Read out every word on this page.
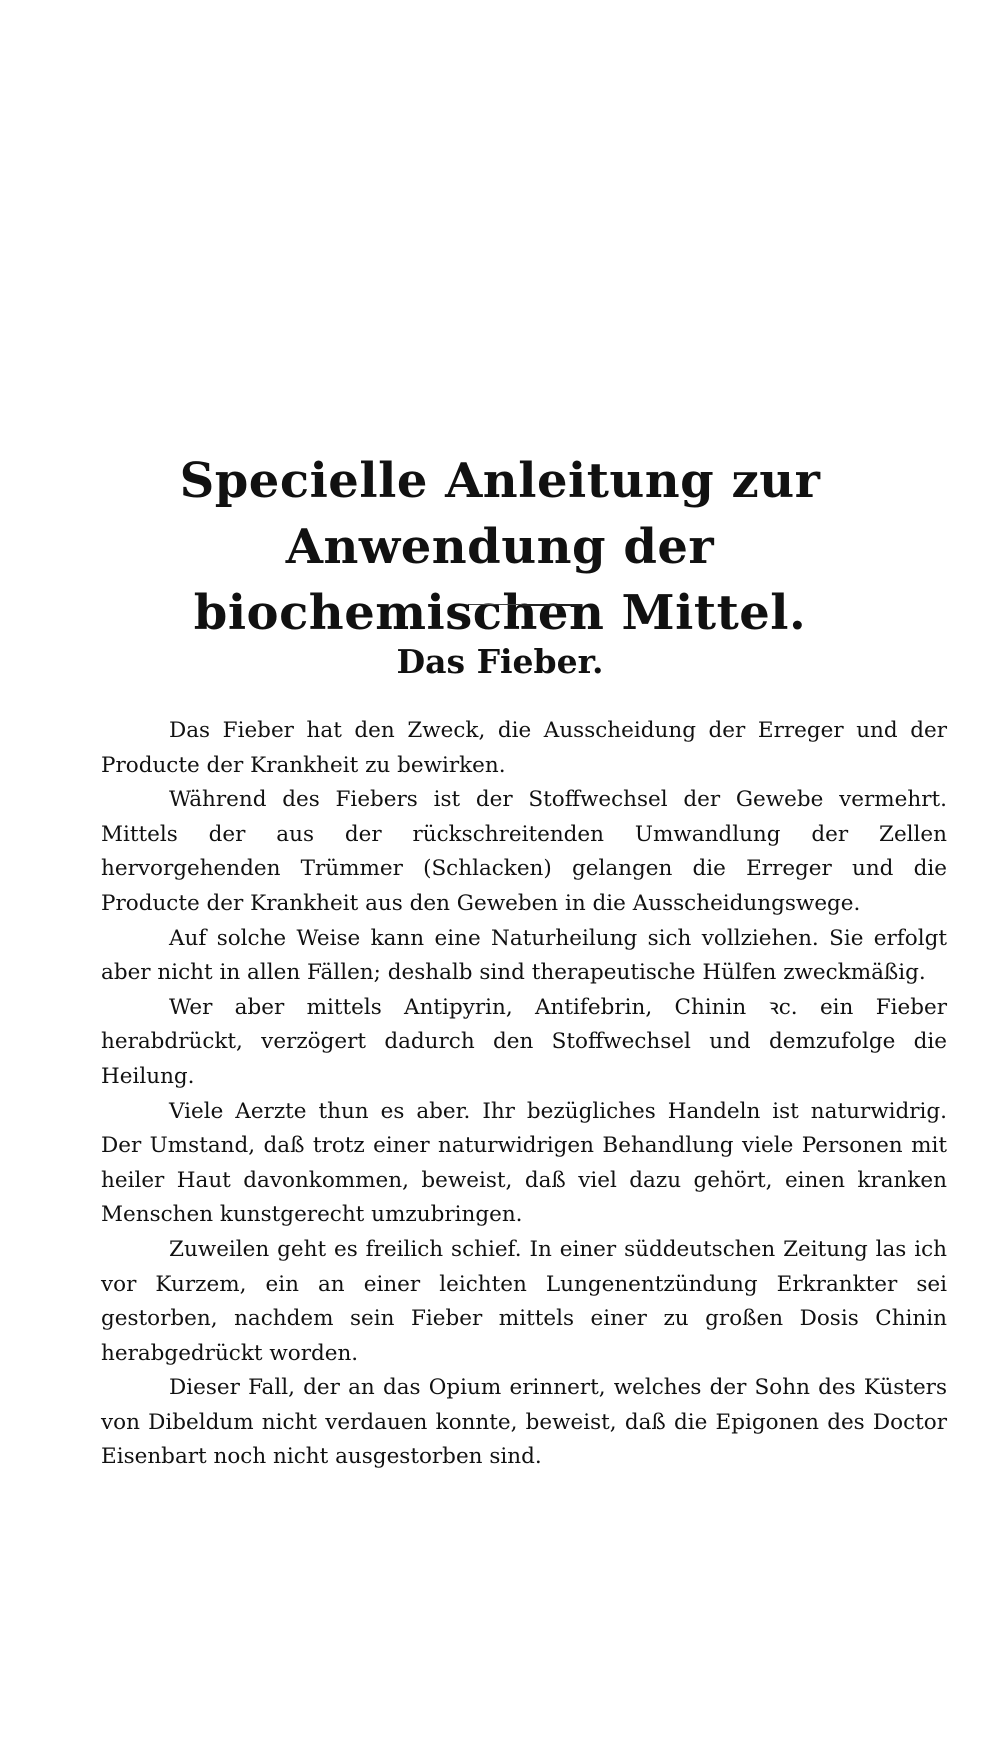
Specielle Anleitung zur Anwendung der
biochemischen Mittel.
Das Fieber.

Das Fieber hat den Zweck, die Ausscheidung der Erreger und der Producte der Krankheit zu bewirken.

Während des Fiebers ist der Stoffwechsel der Gewebe vermehrt. Mittels der aus der rückschreitenden Umwandlung der Zellen hervorgehenden Trümmer (Schlacken) gelangen die Erreger und die Producte der Krankheit aus den Geweben in die Ausscheidungswege.

Auf solche Weise kann eine Naturheilung sich vollziehen. Sie erfolgt aber nicht in allen Fällen; deshalb sind therapeutische Hülfen zweckmäßig.

Wer aber mittels Antipyrin, Antifebrin, Chinin ꝛc. ein Fieber herabdrückt, verzögert dadurch den Stoffwechsel und demzufolge die Heilung.

Viele Aerzte thun es aber. Ihr bezügliches Handeln ist naturwidrig. Der Umstand, daß trotz einer naturwidrigen Behandlung viele Personen mit heiler Haut davonkommen, beweist, daß viel dazu gehört, einen kranken Menschen kunstgerecht umzubringen.

Zuweilen geht es freilich schief. In einer süddeutschen Zeitung las ich vor Kurzem, ein an einer leichten Lungenentzündung Erkrankter sei gestorben, nachdem sein Fieber mittels einer zu großen Dosis Chinin herabgedrückt worden.

Dieser Fall, der an das Opium erinnert, welches der Sohn des Küsters von Dibeldum nicht verdauen konnte, beweist, daß die Epigonen des Doctor Eisenbart noch nicht ausgestorben sind.
